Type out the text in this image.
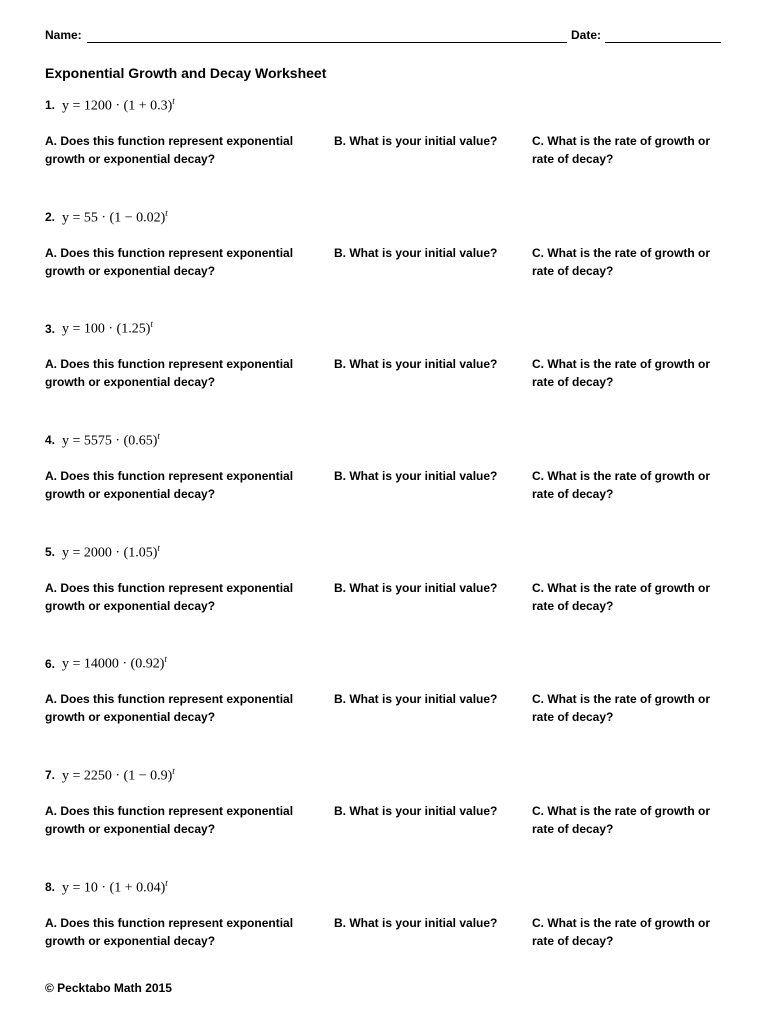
Name:	Date:
Exponential Growth and Decay Worksheet
1. $y = 1200 \cdot (1 + 0.3)^t$
A. Does this function represent exponential growth or exponential decay?
B. What is your initial value?	C. What is the rate of growth or rate of decay?
2. $y = 55 \cdot (1 - 0.02)^t$
A. Does this function represent exponential growth or exponential decay?
B. What is your initial value?	C. What is the rate of growth or rate of decay?
3. $y = 100 \cdot (1.25)^t$
A. Does this function represent exponential growth or exponential decay?
B. What is your initial value?	C. What is the rate of growth or rate of decay?
4. $y = 5575 \cdot (0.65)^t$
A. Does this function represent exponential growth or exponential decay?
B. What is your initial value?	C. What is the rate of growth or rate of decay?
5. $y = 2000 \cdot (1.05)^t$
A. Does this function represent exponential growth or exponential decay?
B. What is your initial value?	C. What is the rate of growth or rate of decay?
6. $y = 14000 \cdot (0.92)^t$
A. Does this function represent exponential growth or exponential decay?
B. What is your initial value?	C. What is the rate of growth or rate of decay?
7. $y = 2250 \cdot (1 - 0.9)^t$
A. Does this function represent exponential growth or exponential decay?
B. What is your initial value?	C. What is the rate of growth or rate of decay?
8. $y = 10 \cdot (1 + 0.04)^t$
A. Does this function represent exponential growth or exponential decay?
B. What is your initial value?	C. What is the rate of growth or rate of decay?
© Pecktabo Math 2015
